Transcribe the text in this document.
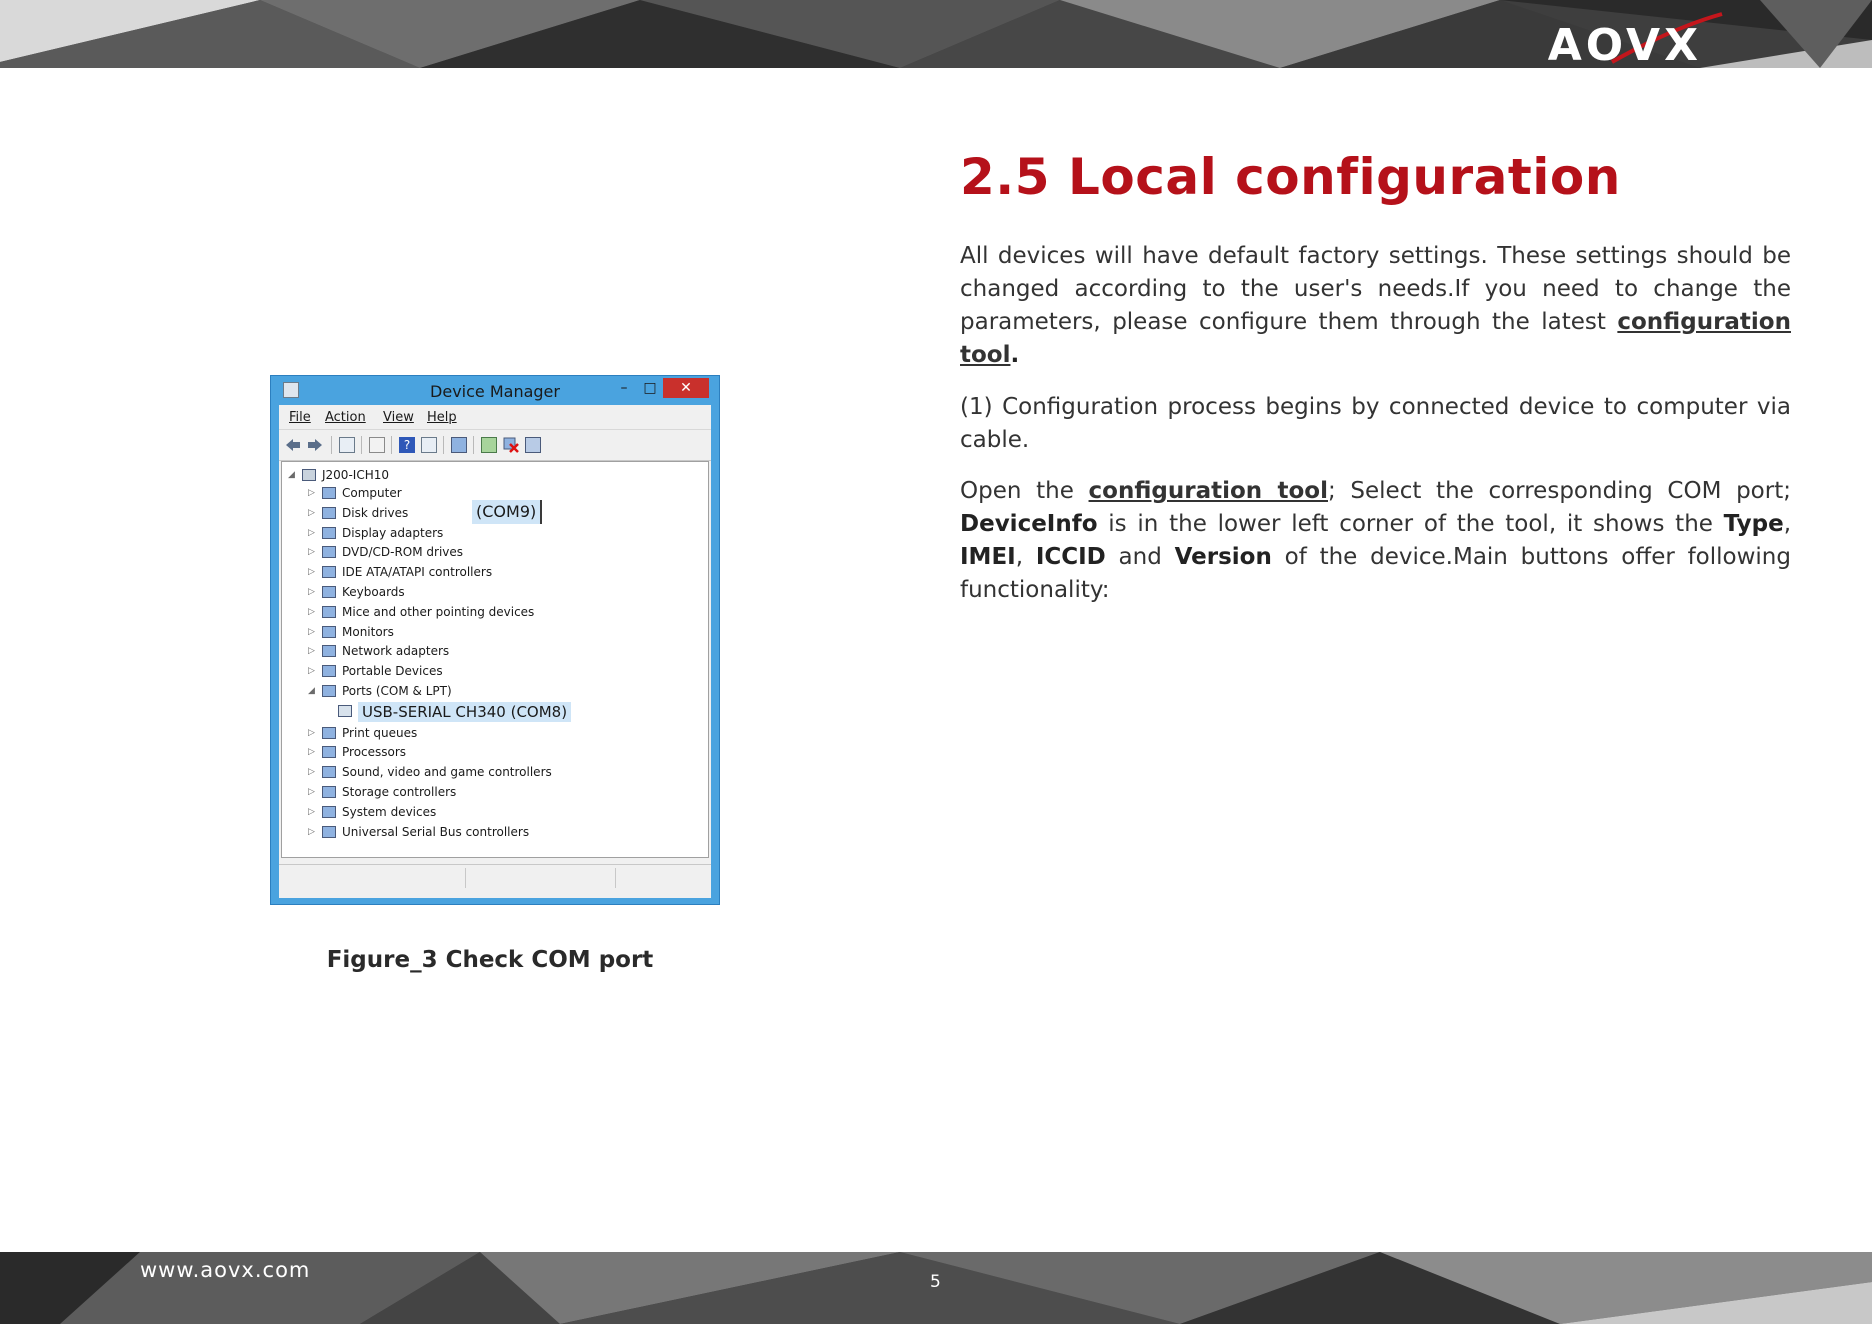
AOVX
Device Manager	–	□	✕
File Action View Help
?
◢ J200-ICH10
▷ Computer
▷ Disk drives
▷ Display adapters
▷ DVD/CD-ROM drives
▷ IDE ATA/ATAPI controllers
▷ Keyboards
▷ Mice and other pointing devices
▷ Monitors
▷ Network adapters
▷ Portable Devices
◢ Ports (COM & LPT)
USB-SERIAL CH340 (COM8)
▷ Print queues
▷ Processors
▷ Sound, video and game controllers
▷ Storage controllers
▷ System devices
▷ Universal Serial Bus controllers
(COM9)

Figure_3 Check COM port

2.5 Local configuration

All devices will have default factory settings. These settings should be changed according to the user's needs.If you need to change the parameters, please configure them through the latest configuration tool.

(1) Configuration process begins by connected device to computer via cable.

Open the configuration tool; Select the corresponding COM port; DeviceInfo is in the lower left corner of the tool, it shows the Type, IMEI, ICCID and Version of the device.Main buttons offer following functionality:

www.aovx.com	5
